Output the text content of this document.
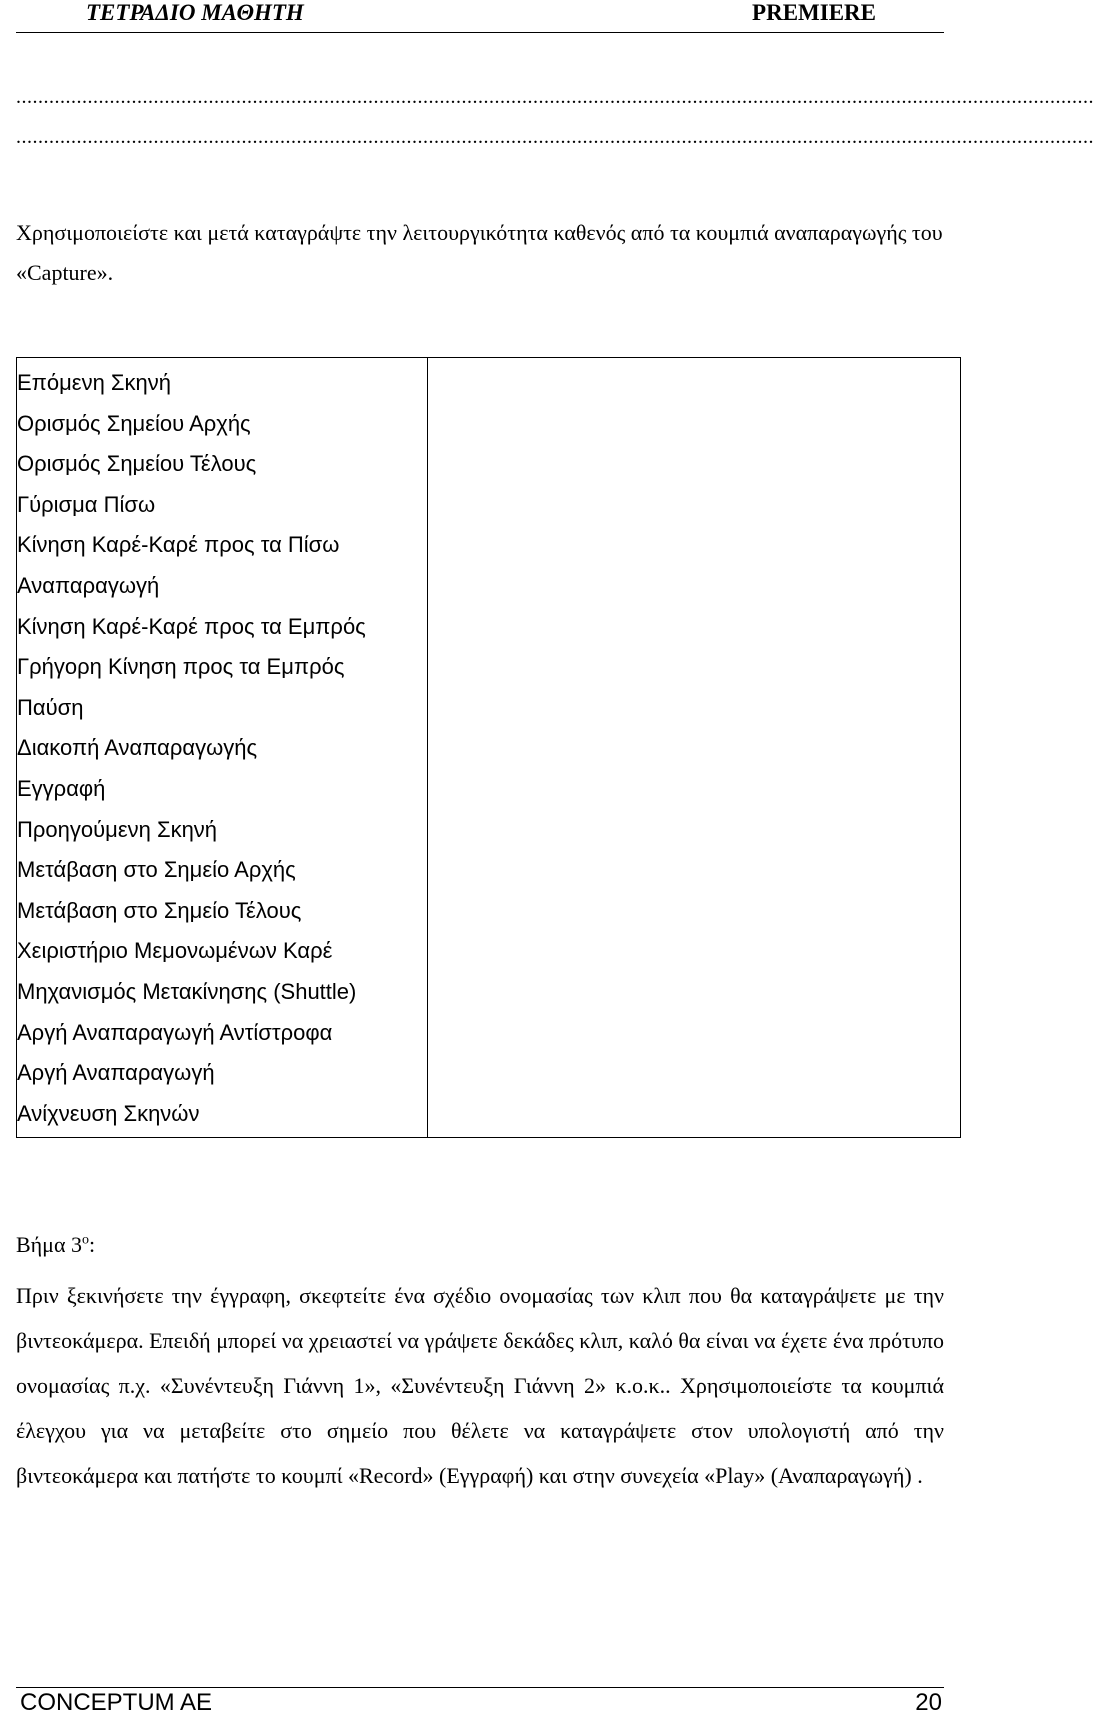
ΤΕΤΡΑΔΙΟ ΜΑΘΗΤΗ	PREMIERE
....................................................................................................................................................................................................
....................................................................................................................................................................................................
Χρησιμοποιείστε και μετά καταγράψτε την λειτουργικότητα καθενός από τα κουμπιά αναπαραγωγής του «Capture».
Επόμενη Σκηνή
Ορισμός Σημείου Αρχής
Ορισμός Σημείου Τέλους
Γύρισμα Πίσω
Κίνηση Καρέ-Καρέ προς τα Πίσω
Αναπαραγωγή
Κίνηση Καρέ-Καρέ προς τα Εμπρός
Γρήγορη Κίνηση προς τα Εμπρός
Παύση
Διακοπή Αναπαραγωγής
Εγγραφή
Προηγούμενη Σκηνή
Μετάβαση στο Σημείο Αρχής
Μετάβαση στο Σημείο Τέλους
Χειριστήριο Μεμονωμένων Καρέ
Μηχανισμός Μετακίνησης (Shuttle)
Αργή Αναπαραγωγή Αντίστροφα
Αργή Αναπαραγωγή
Ανίχνευση Σκηνών

Βήμα $3^o$:
Πριν ξεκινήσετε την έγγραφη, σκεφτείτε ένα σχέδιο ονομασίας των κλιπ που θα καταγράψετε με την βιντεοκάμερα. Επειδή μπορεί να χρειαστεί να γράψετε δεκάδες κλιπ, καλό θα είναι να έχετε ένα πρότυπο ονομασίας π.χ. «Συνέντευξη Γιάννη 1», «Συνέντευξη Γιάννη 2» κ.ο.κ.. Χρησιμοποιείστε τα κουμπιά έλεγχου για να μεταβείτε στο σημείο που θέλετε να καταγράψετε στον υπολογιστή από την βιντεοκάμερα και πατήστε το κουμπί «Record» (Εγγραφή) και στην συνεχεία «Play» (Αναπαραγωγή) .
CONCEPTUM AE	20
